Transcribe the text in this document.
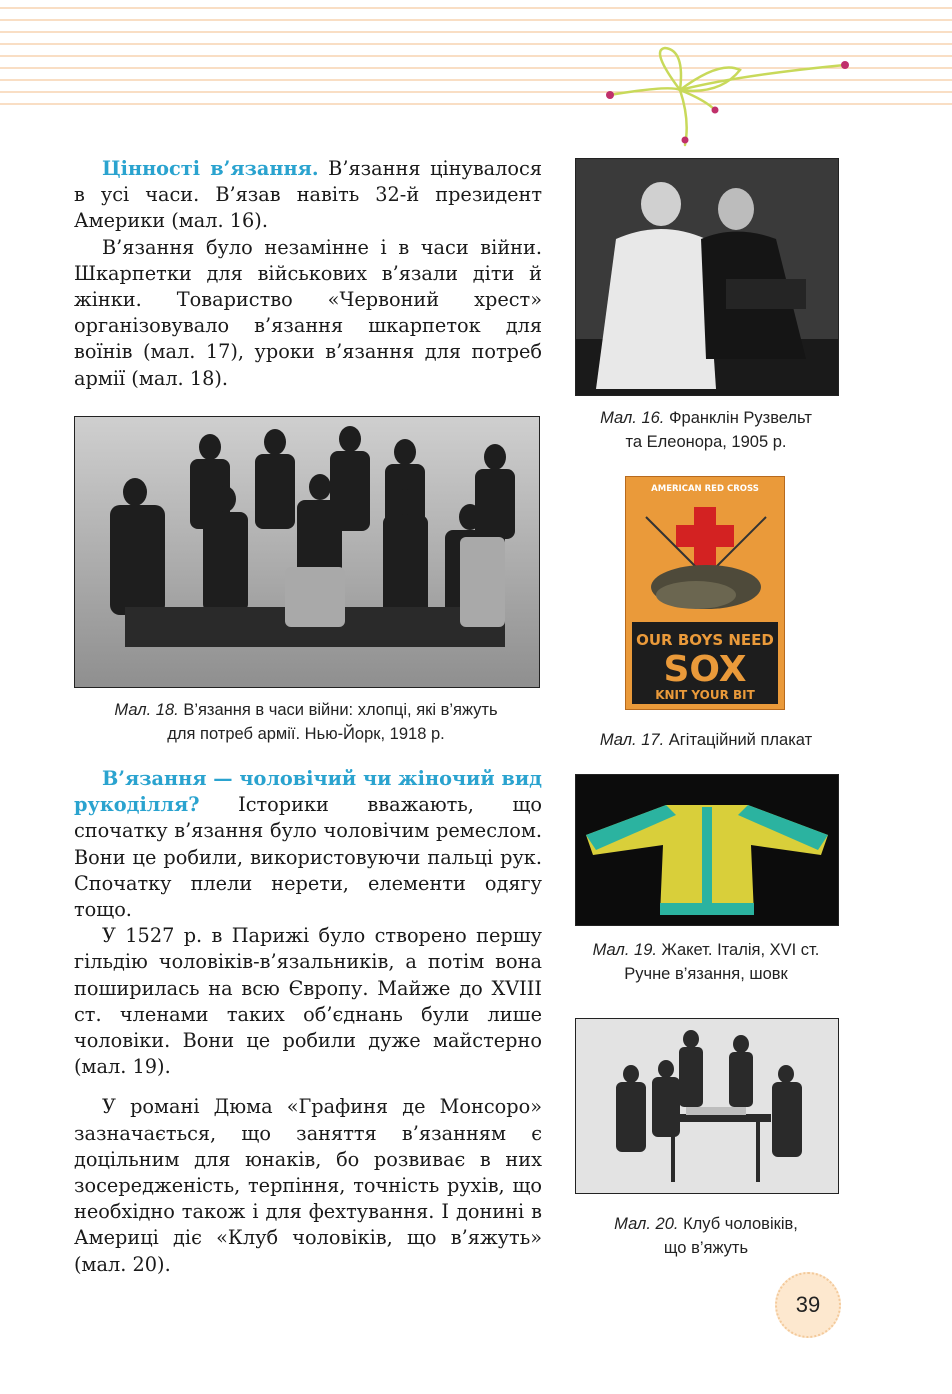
Цінності в’язання. В’язання цінувалося в усі часи. В’язав навіть 32-й президент Америки (мал. 16).

В’язання було незамінне і в часи війни. Шкарпетки для військових в’язали діти й жінки. Товариство «Червоний хрест» організовувало в’язання шкарпеток для воїнів (мал. 17), уроки в’язання для потреб армії (мал. 18).

В’язання — чоловічий чи жіночий вид рукоділля? Історики вважають, що спочатку в’язання було чоловічим ремеслом. Вони це робили, використовуючи пальці рук. Спочатку плели нерети, елементи одягу тощо.

У 1527 р. в Парижі було створено першу гільдію чоловіків-в’язальників, а потім вона поширилась на всю Європу. Майже до XVIII ст. членами таких об’єднань були лише чоловіки. Вони це робили дуже майстерно (мал. 19).

У романі Дюма «Графиня де Монсоро» зазначається, що заняття в’язанням є доцільним для юнаків, бо розвиває в них зосередженість, терпіння, точність рухів, що необхідно також і для фехтування. І донині в Америці діє «Клуб чоловіків, що в’яжуть» (мал. 20).

Мал. 18. В’язання в часи війни: хлопці, які в’яжуть
для потреб армії. Нью-Йорк, 1918 р.
Мал. 16. Франклін Рузвельт
та Елеонора, 1905 р.
AMERICAN RED CROSS
OUR BOYS NEED
SOX
KNIT YOUR BIT
Мал. 17. Агітаційний плакат
Мал. 19. Жакет. Італія, XVI ст.
Ручне в’язання, шовк
Мал. 20. Клуб чоловіків,
що в’яжуть
39
